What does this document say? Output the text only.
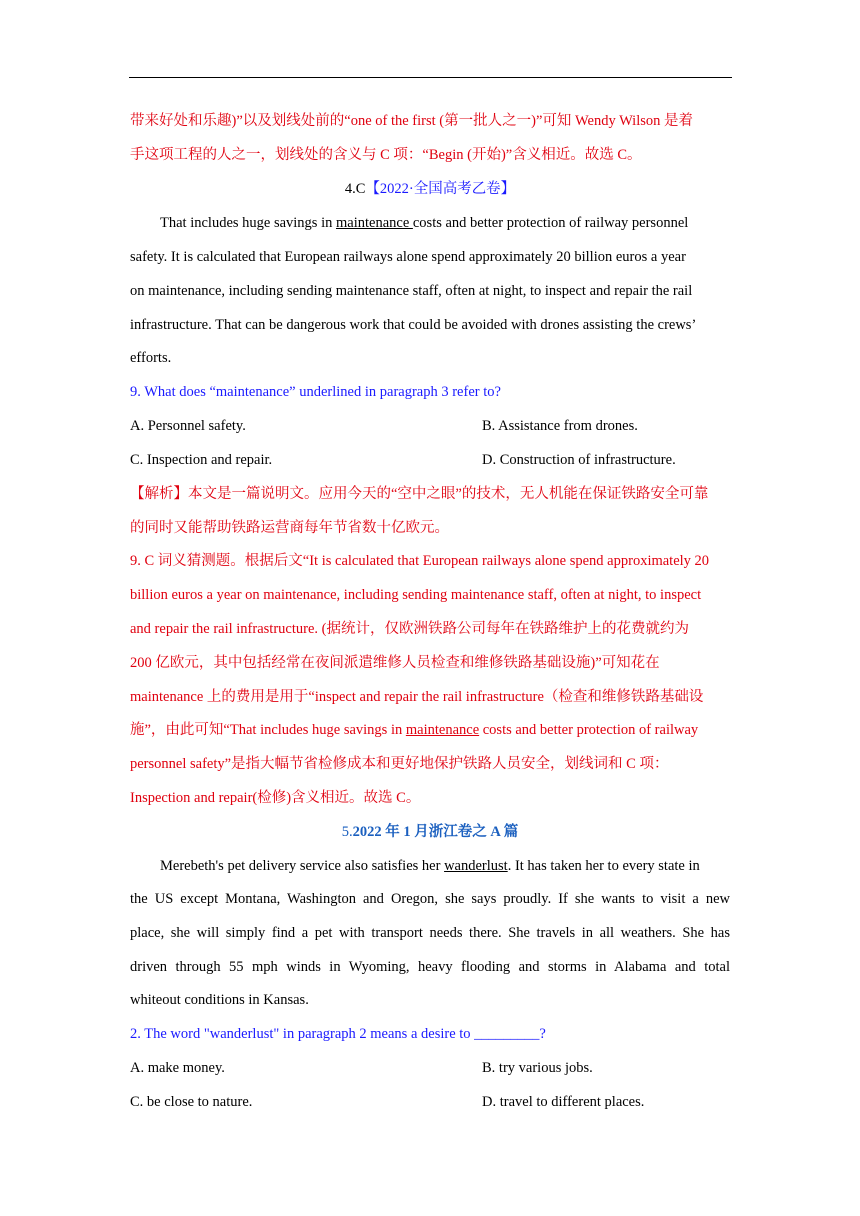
带来好处和乐趣)”以及划线处前的“one of the first (第一批人之一)”可知 Wendy Wilson 是着
手这项工程的人之一，划线处的含义与 C 项：“Begin (开始)”含义相近。故选 C。
4.C【2022·全国高考乙卷】
That includes huge savings in maintenance costs and better protection of railway personnel
safety. It is calculated that European railways alone spend approximately 20 billion euros a year
on maintenance, including sending maintenance staff, often at night, to inspect and repair the rail
infrastructure. That can be dangerous work that could be avoided with drones assisting the crews’
efforts.
9. What does “maintenance” underlined in paragraph 3 refer to?
A. Personnel safety.	B. Assistance from drones.
C. Inspection and repair.	D. Construction of infrastructure.
【解析】本文是一篇说明文。应用今天的“空中之眼”的技术，无人机能在保证铁路安全可靠
的同时又能帮助铁路运营商每年节省数十亿欧元。
9. C 词义猜测题。根据后文“It is calculated that European railways alone spend approximately 20
billion euros a year on maintenance, including sending maintenance staff, often at night, to inspect
and repair the rail infrastructure. (据统计，仅欧洲铁路公司每年在铁路维护上的花费就约为
200 亿欧元，其中包括经常在夜间派遣维修人员检查和维修铁路基础设施)”可知花在
maintenance 上的费用是用于“inspect and repair the rail infrastructure（检查和维修铁路基础设
施”，由此可知“That includes huge savings in maintenance costs and better protection of railway
personnel safety”是指大幅节省检修成本和更好地保护铁路人员安全，划线词和 C 项：
Inspection and repair(检修)含义相近。故选 C。
5.2022 年 1 月浙江卷之 A 篇
Merebeth's pet delivery service also satisfies her wanderlust. It has taken her to every state in
the US except Montana, Washington and Oregon, she says proudly. If she wants to visit a new
place, she will simply find a pet with transport needs there. She travels in all weathers. She has
driven through 55 mph winds in Wyoming, heavy flooding and storms in Alabama and total
whiteout conditions in Kansas.
2. The word "wanderlust" in paragraph 2 means a desire to _________?
A. make money.	B. try various jobs.
C. be close to nature.	D. travel to different places.
